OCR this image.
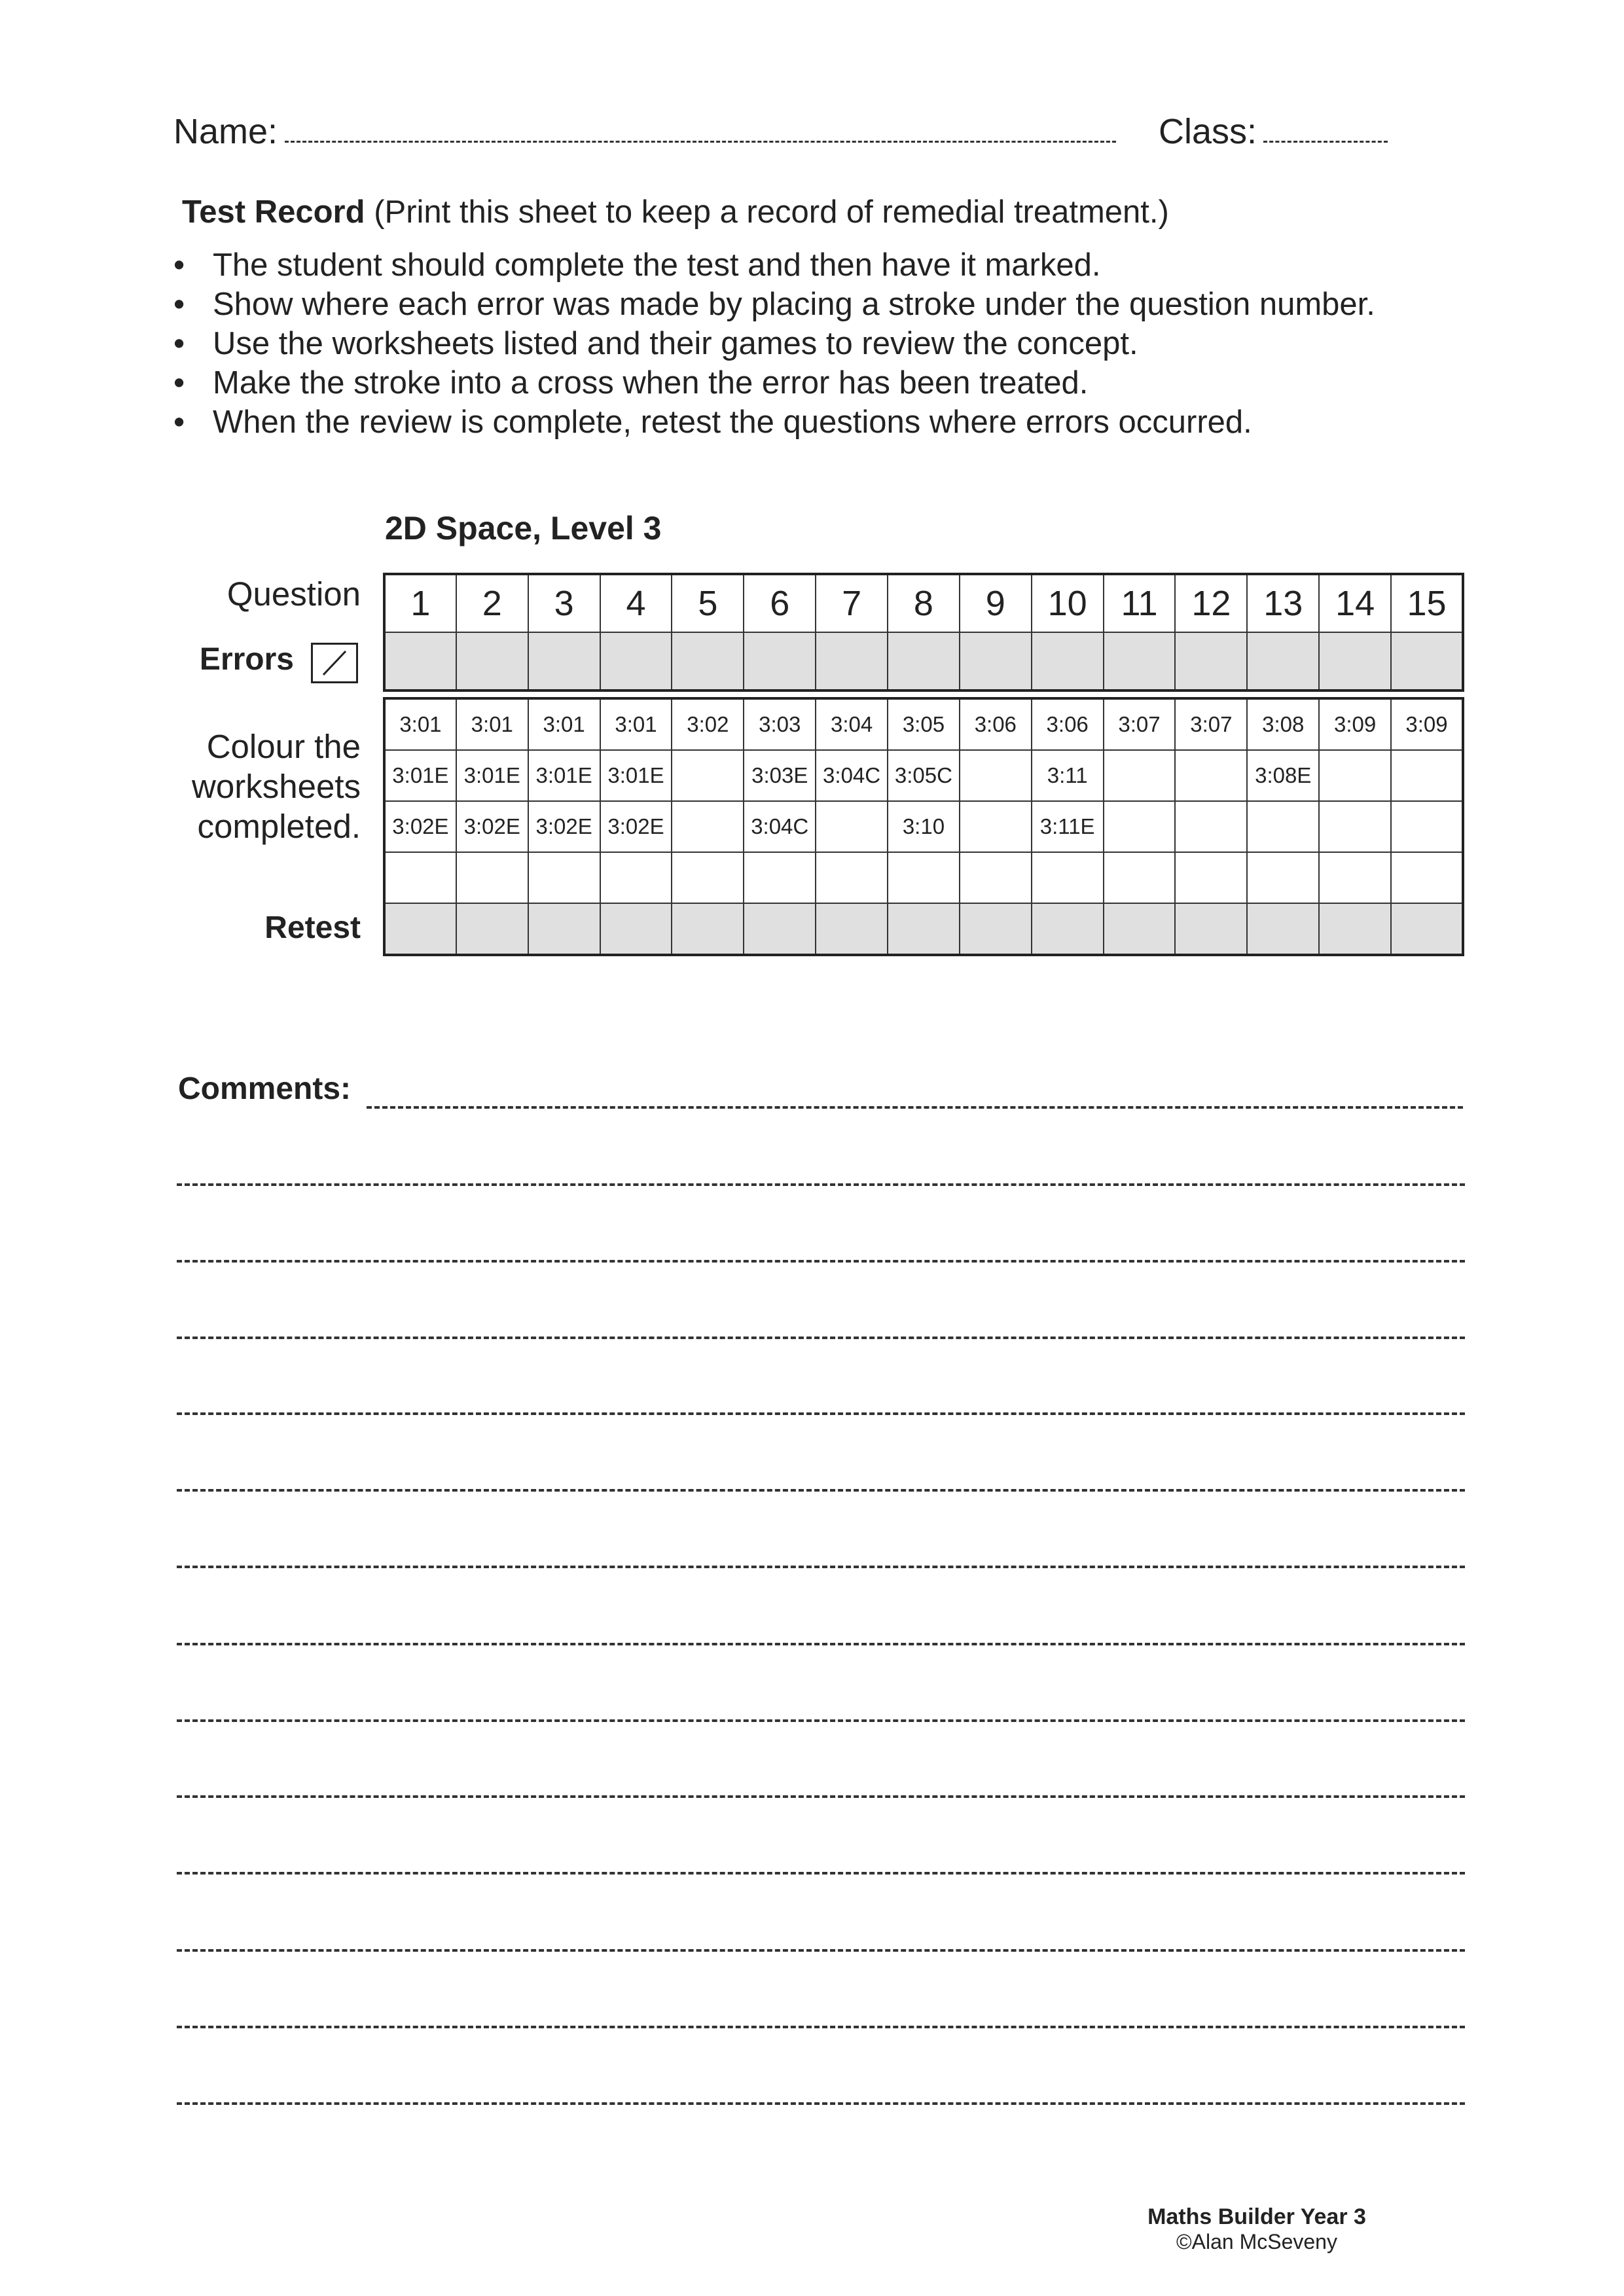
Name:	Class:
Test Record (Print this sheet to keep a record of remedial treatment.)
• The student should complete the test and then have it marked.
• Show where each error was made by placing a stroke under the question number.
• Use the worksheets listed and their games to review the concept.
• Make the stroke into a cross when the error has been treated.
• When the review is complete, retest the questions where errors occurred.
2D Space, Level 3
Question
Errors
Colour the
worksheets
completed.
Retest
1	2	3	4	5	6	7	8	9	10	11	12	13	14	15

3:01	3:01	3:01	3:01	3:02	3:03	3:04	3:05	3:06	3:06	3:07	3:07	3:08	3:09	3:09
3:01E	3:01E	3:01E	3:01E		3:03E	3:04C	3:05C		3:11			3:08E		
3:02E	3:02E	3:02E	3:02E		3:04C		3:10		3:11E					

Comments:
Maths Builder Year 3
©Alan McSeveny
